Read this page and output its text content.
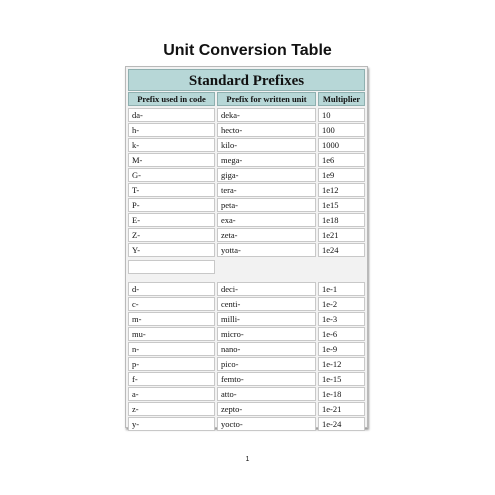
Unit Conversion Table
Standard Prefixes
Prefix used in code	Prefix for written unit	Multiplier
da-	deka-	10
h-	hecto-	100
k-	kilo-	1000
M-	mega-	1e6
G-	giga-	1e9
T-	tera-	1e12
P-	peta-	1e15
E-	exa-	1e18
Z-	zeta-	1e21
Y-	yotta-	1e24
d-	deci-	1e-1
c-	centi-	1e-2
m-	milli-	1e-3
mu-	micro-	1e-6
n-	nano-	1e-9
p-	pico-	1e-12
f-	femto-	1e-15
a-	atto-	1e-18
z-	zepto-	1e-21
y-	yocto-	1e-24
1
